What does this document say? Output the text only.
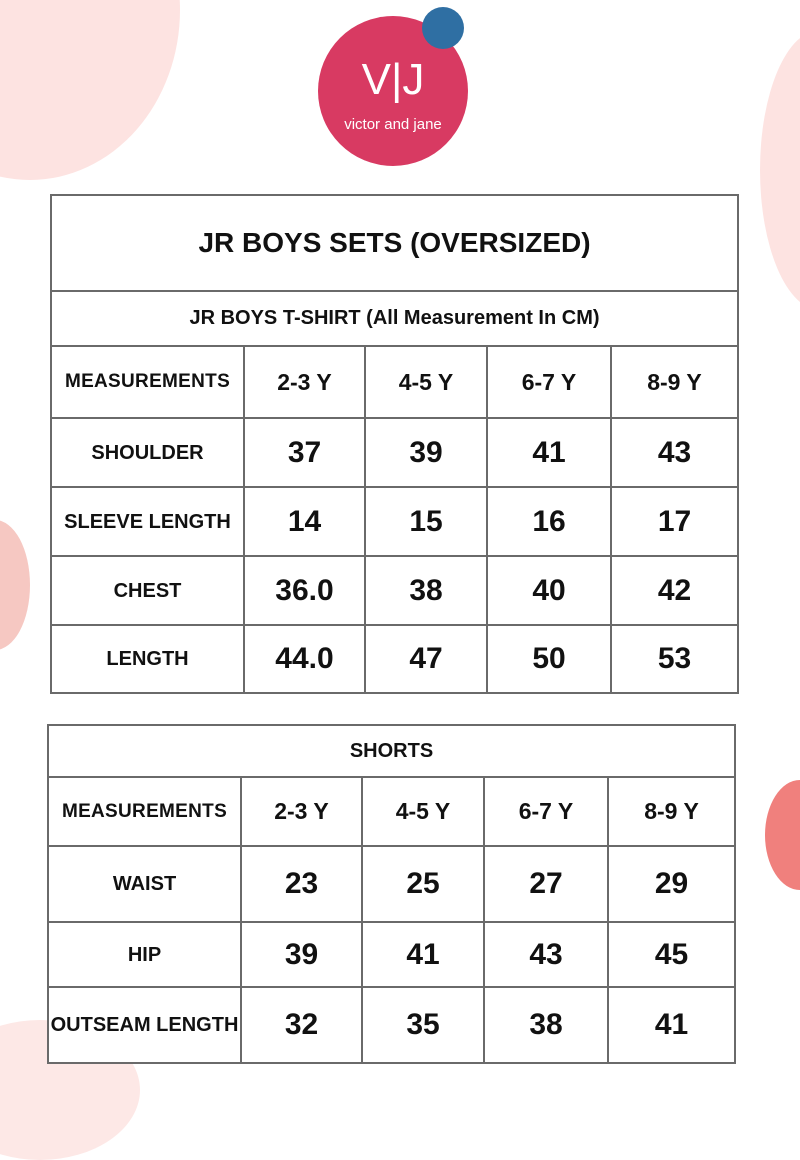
V|J
victor and jane
JR BOYS SETS (OVERSIZED)				
JR BOYS T-SHIRT (All Measurement In CM)				
MEASUREMENTS	2-3 Y	4-5 Y	6-7 Y	8-9 Y
SHOULDER	37	39	41	43
SLEEVE LENGTH	14	15	16	17
CHEST	36.0	38	40	42
LENGTH	44.0	47	50	53
SHORTS				
MEASUREMENTS	2-3 Y	4-5 Y	6-7 Y	8-9 Y
WAIST	23	25	27	29
HIP	39	41	43	45
OUTSEAM LENGTH	32	35	38	41
